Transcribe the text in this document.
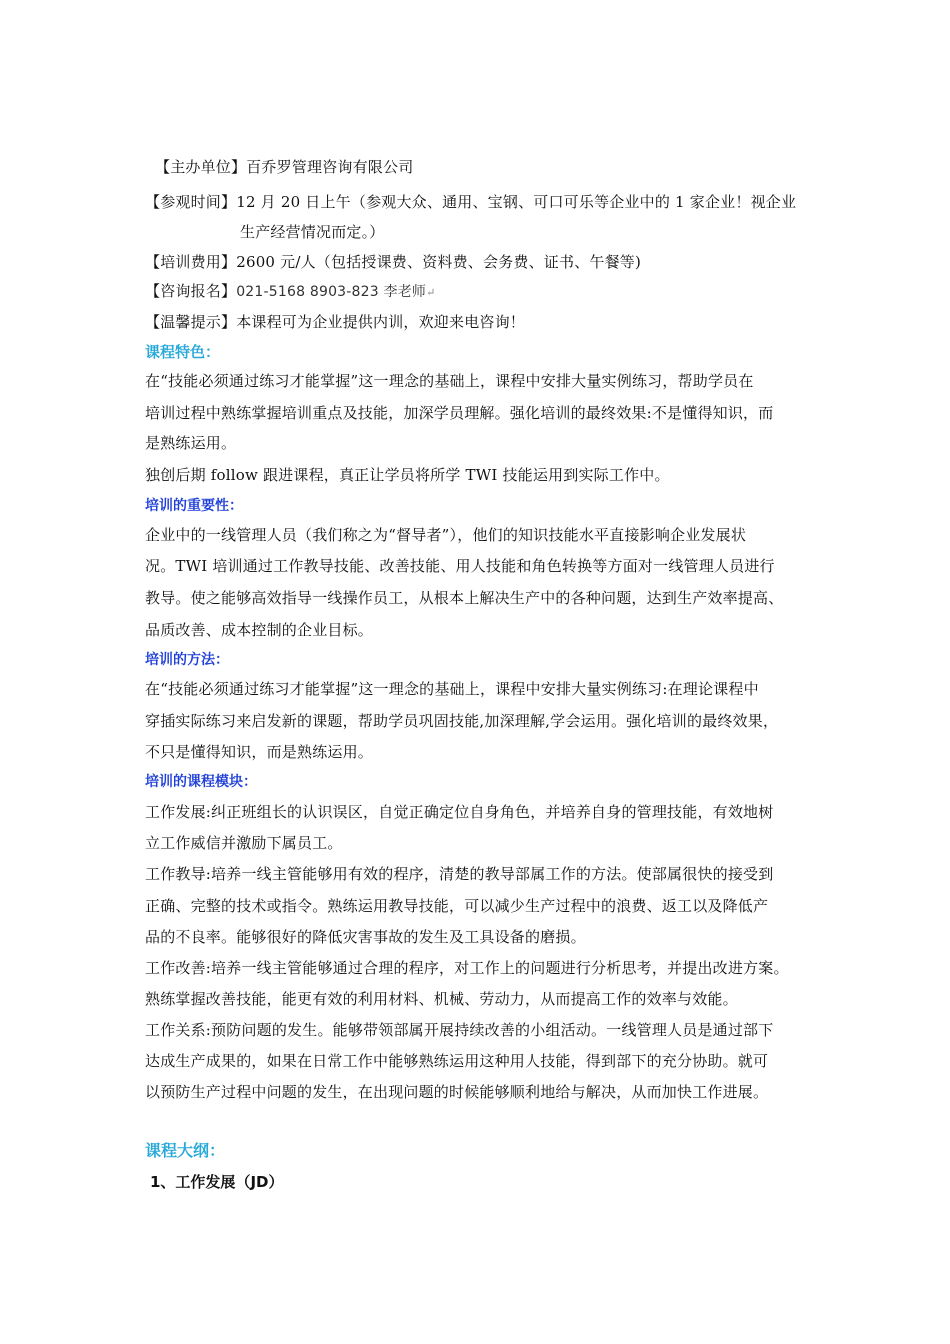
【主办单位】百乔罗管理咨询有限公司
【参观时间】12 月 20 日上午（参观大众、通用、宝钢、可口可乐等企业中的 1 家企业！视企业
生产经营情况而定。）
【培训费用】2600 元/人（包括授课费、资料费、会务费、证书、午餐等)
【咨询报名】021-5168 8903-823 李老师↵
【温馨提示】本课程可为企业提供内训，欢迎来电咨询！
课程特色：
在“技能必须通过练习才能掌握”这一理念的基础上，课程中安排大量实例练习，帮助学员在
培训过程中熟练掌握培训重点及技能，加深学员理解。强化培训的最终效果:不是懂得知识，而
是熟练运用。
独创后期 follow 跟进课程，真正让学员将所学 TWI 技能运用到实际工作中。
培训的重要性：
企业中的一线管理人员（我们称之为“督导者”），他们的知识技能水平直接影响企业发展状
况。TWI 培训通过工作教导技能、改善技能、用人技能和角色转换等方面对一线管理人员进行
教导。使之能够高效指导一线操作员工，从根本上解决生产中的各种问题，达到生产效率提高、
品质改善、成本控制的企业目标。
培训的方法：
在“技能必须通过练习才能掌握”这一理念的基础上，课程中安排大量实例练习:在理论课程中
穿插实际练习来启发新的课题，帮助学员巩固技能,加深理解,学会运用。强化培训的最终效果，
不只是懂得知识，而是熟练运用。
培训的课程模块：
工作发展:纠正班组长的认识误区，自觉正确定位自身角色，并培养自身的管理技能，有效地树
立工作威信并激励下属员工。
工作教导:培养一线主管能够用有效的程序，清楚的教导部属工作的方法。使部属很快的接受到
正确、完整的技术或指令。熟练运用教导技能，可以减少生产过程中的浪费、返工以及降低产
品的不良率。能够很好的降低灾害事故的发生及工具设备的磨损。
工作改善:培养一线主管能够通过合理的程序，对工作上的问题进行分析思考，并提出改进方案。
熟练掌握改善技能，能更有效的利用材料、机械、劳动力，从而提高工作的效率与效能。
工作关系:预防问题的发生。能够带领部属开展持续改善的小组活动。一线管理人员是通过部下
达成生产成果的，如果在日常工作中能够熟练运用这种用人技能，得到部下的充分协助。就可
以预防生产过程中问题的发生，在出现问题的时候能够顺利地给与解决，从而加快工作进展。
课程大纲：
1、工作发展（JD）
